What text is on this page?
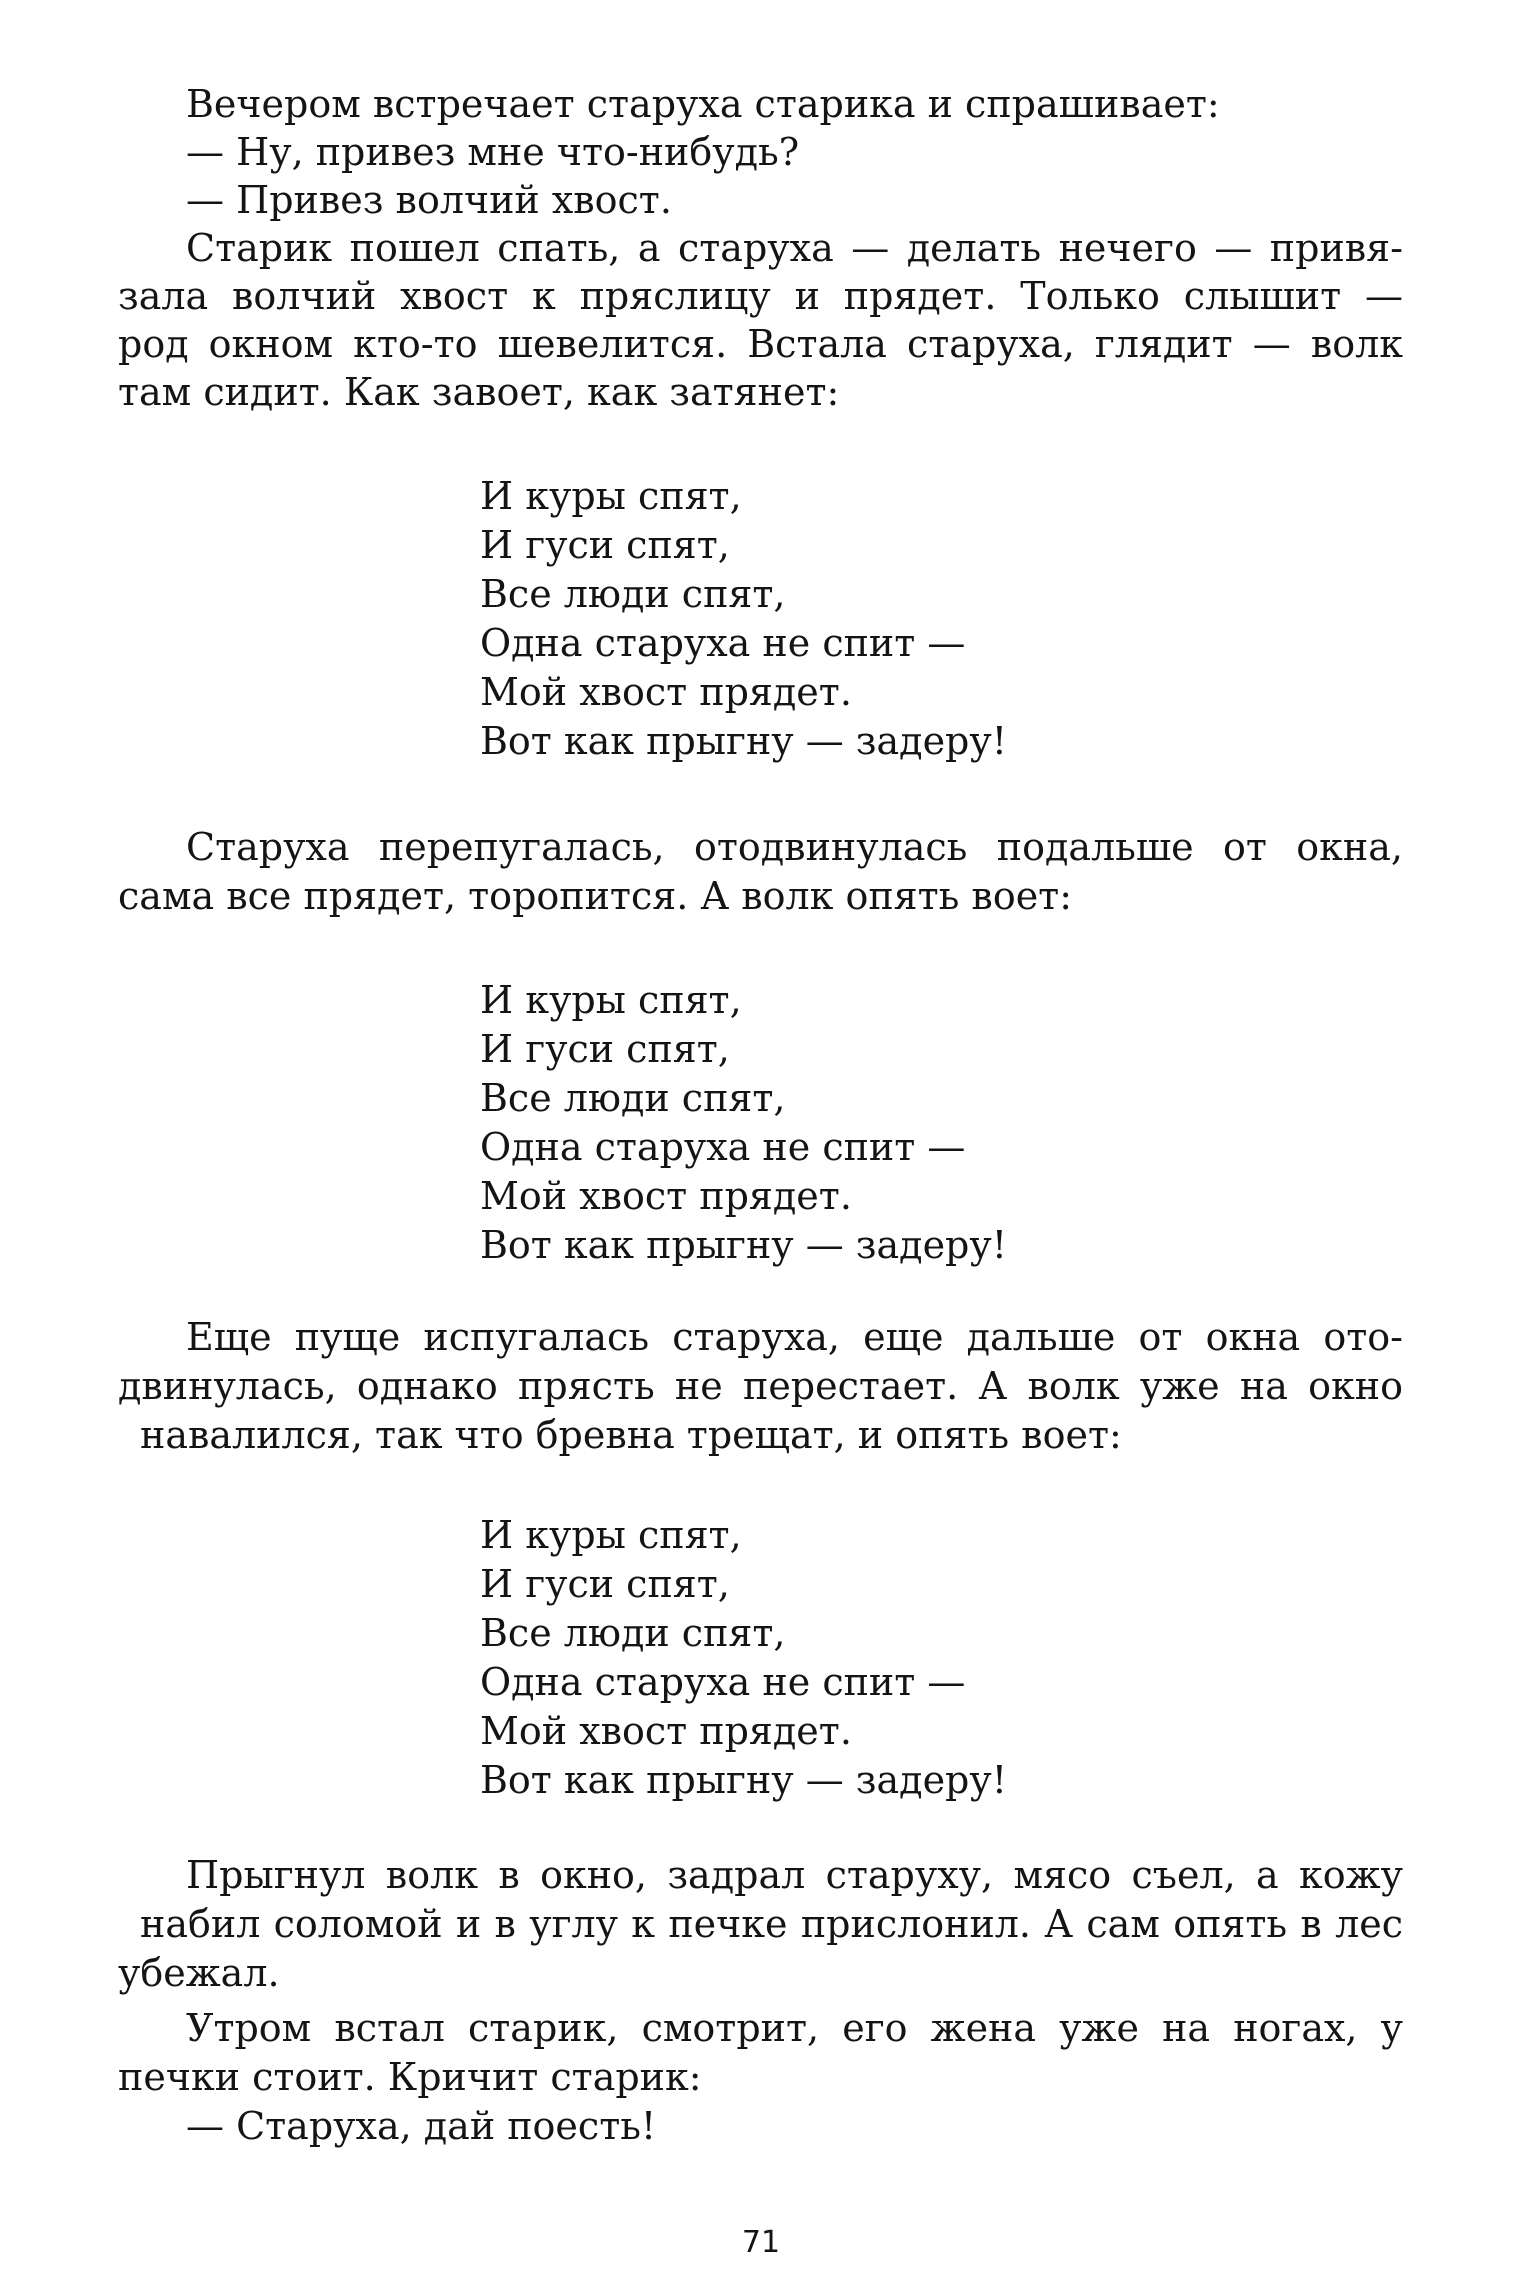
Вечером встречает старуха старика и спрашивает:
— Ну, привез мне что-нибудь?
— Привез волчий хвост.
Старик пошел спать, а старуха — делать нечего — привя-
зала волчий хвост к пряслицу и прядет. Только слышит —
род окном кто-то шевелится. Встала старуха, глядит — волк
там сидит. Как завоет, как затянет:
И куры спят,
И гуси спят,
Все люди спят,
Одна старуха не спит —
Мой хвост прядет.
Вот как прыгну — задеру!
Старуха перепугалась, отодвинулась подальше от окна,
сама все прядет, торопится. А волк опять воет:
И куры спят,
И гуси спят,
Все люди спят,
Одна старуха не спит —
Мой хвост прядет.
Вот как прыгну — задеру!
Еще пуще испугалась старуха, еще дальше от окна ото-
двинулась, однако прясть не перестает. А волк уже на окно
навалился, так что бревна трещат, и опять воет:
И куры спят,
И гуси спят,
Все люди спят,
Одна старуха не спит —
Мой хвост прядет.
Вот как прыгну — задеру!
Прыгнул волк в окно, задрал старуху, мясо съел, а кожу
набил соломой и в углу к печке прислонил. А сам опять в лес
убежал.
Утром встал старик, смотрит, его жена уже на ногах, у
печки стоит. Кричит старик:
— Старуха, дай поесть!
71
